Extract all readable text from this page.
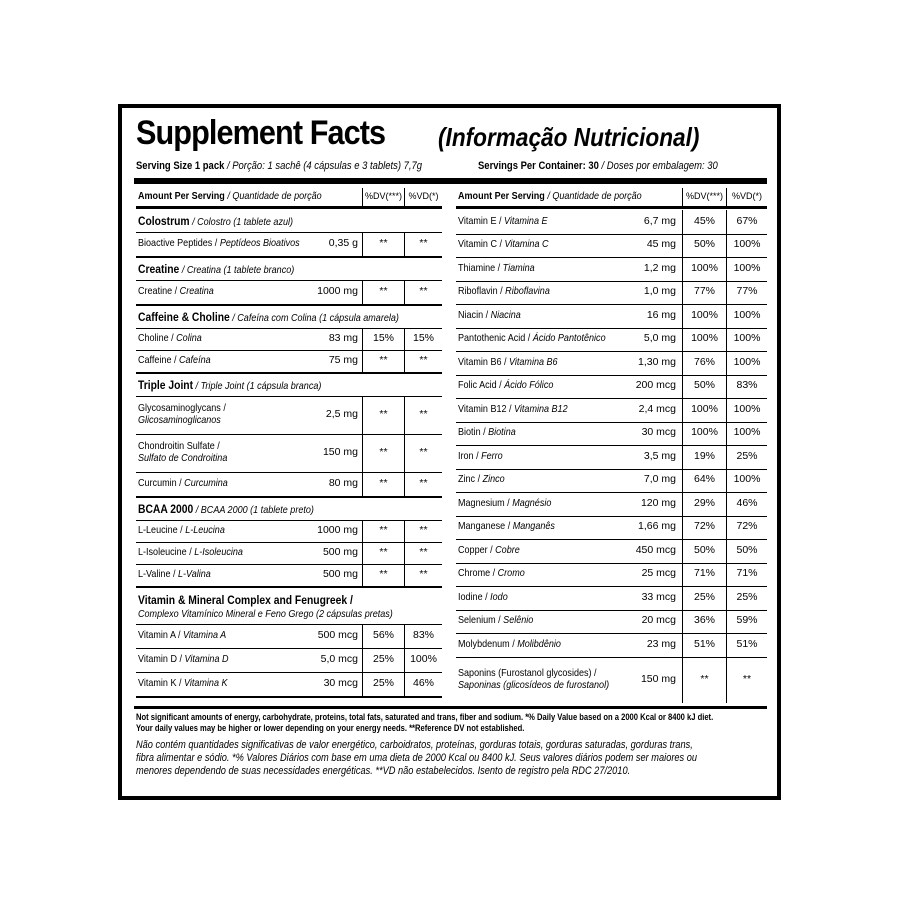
Supplement Facts (Informação Nutricional)
Serving Size 1 pack / Porção: 1 sachê (4 cápsulas e 3 tablets) 7,7g	Servings Per Container: 30 / Doses por embalagem: 30
Amount Per Serving / Quantidade de porção	%DV(***) %VD(*)
Colostrum / Colostro (1 tablete azul)
Bioactive Peptides / Peptídeos Bioativos	0,35 g **	**
Creatine / Creatina (1 tablete branco)
Creatine / Creatina	1000 mg **	**
Caffeine & Choline / Cafeína com Colina (1 cápsula amarela)
Choline / Colina	83 mg 15% 15%
Caffeine / Cafeína	75 mg **	**
Triple Joint / Triple Joint (1 cápsula branca)
Glycosaminoglycans /
Glicosaminoglicanos	2,5 mg **	**
Chondroitin Sulfate /
Sulfato de Condroitina	150 mg **	**
Curcumin / Curcumina	80 mg **	**
BCAA 2000 / BCAA 2000 (1 tablete preto)
L-Leucine / L-Leucina	1000 mg **	**
L-Isoleucine / L-Isoleucina	500 mg **	**
L-Valine / L-Valina	500 mg **	**
Vitamin & Mineral Complex and Fenugreek /
Complexo Vitamínico Mineral e Feno Grego (2 cápsulas pretas)
Vitamin A / Vitamina A	500 mcg 56% 83%
Vitamin D / Vitamina D	5,0 mcg 25% 100%
Vitamin K / Vitamina K	30 mcg 25% 46%
Amount Per Serving / Quantidade de porção	%DV(***) %VD(*)
Vitamin E / Vitamina E	6,7 mg 45% 67%
Vitamin C / Vitamina C	45 mg 50% 100%
Thiamine / Tiamina	1,2 mg 100% 100%
Riboflavin / Riboflavina	1,0 mg 77% 77%
Niacin / Niacina	16 mg 100% 100%
Pantothenic Acid / Ácido Pantotênico	5,0 mg 100% 100%
Vitamin B6 / Vitamina B6	1,30 mg 76% 100%
Folic Acid / Ácido Fólico	200 mcg 50% 83%
Vitamin B12 / Vitamina B12	2,4 mcg 100% 100%
Biotin / Biotina	30 mcg 100% 100%
Iron / Ferro	3,5 mg 19% 25%
Zinc / Zinco	7,0 mg 64% 100%
Magnesium / Magnésio	120 mg 29% 46%
Manganese / Manganês	1,66 mg 72% 72%
Copper / Cobre	450 mcg 50% 50%
Chrome / Cromo	25 mcg 71% 71%
Iodine / Iodo	33 mcg 25% 25%
Selenium / Selênio	20 mcg 36% 59%
Molybdenum / Molibdênio	23 mg 51% 51%
Saponins (Furostanol glycosides) /
Saponinas (glicosídeos de furostanol)	150 mg **	**

Not significant amounts of energy, carbohydrate, proteins, total fats, saturated and trans, fiber and sodium. *% Daily Value based on a 2000 Kcal or 8400 kJ diet.

Your daily values may be higher or lower depending on your energy needs. **Reference DV not established.

Não contém quantidades significativas de valor energético, carboidratos, proteínas, gorduras totais, gorduras saturadas, gorduras trans,

fibra alimentar e sódio. *% Valores Diários com base em uma dieta de 2000 Kcal ou 8400 kJ. Seus valores diários podem ser maiores ou

menores dependendo de suas necessidades energéticas. **VD não estabelecidos. Isento de registro pela RDC 27/2010.
